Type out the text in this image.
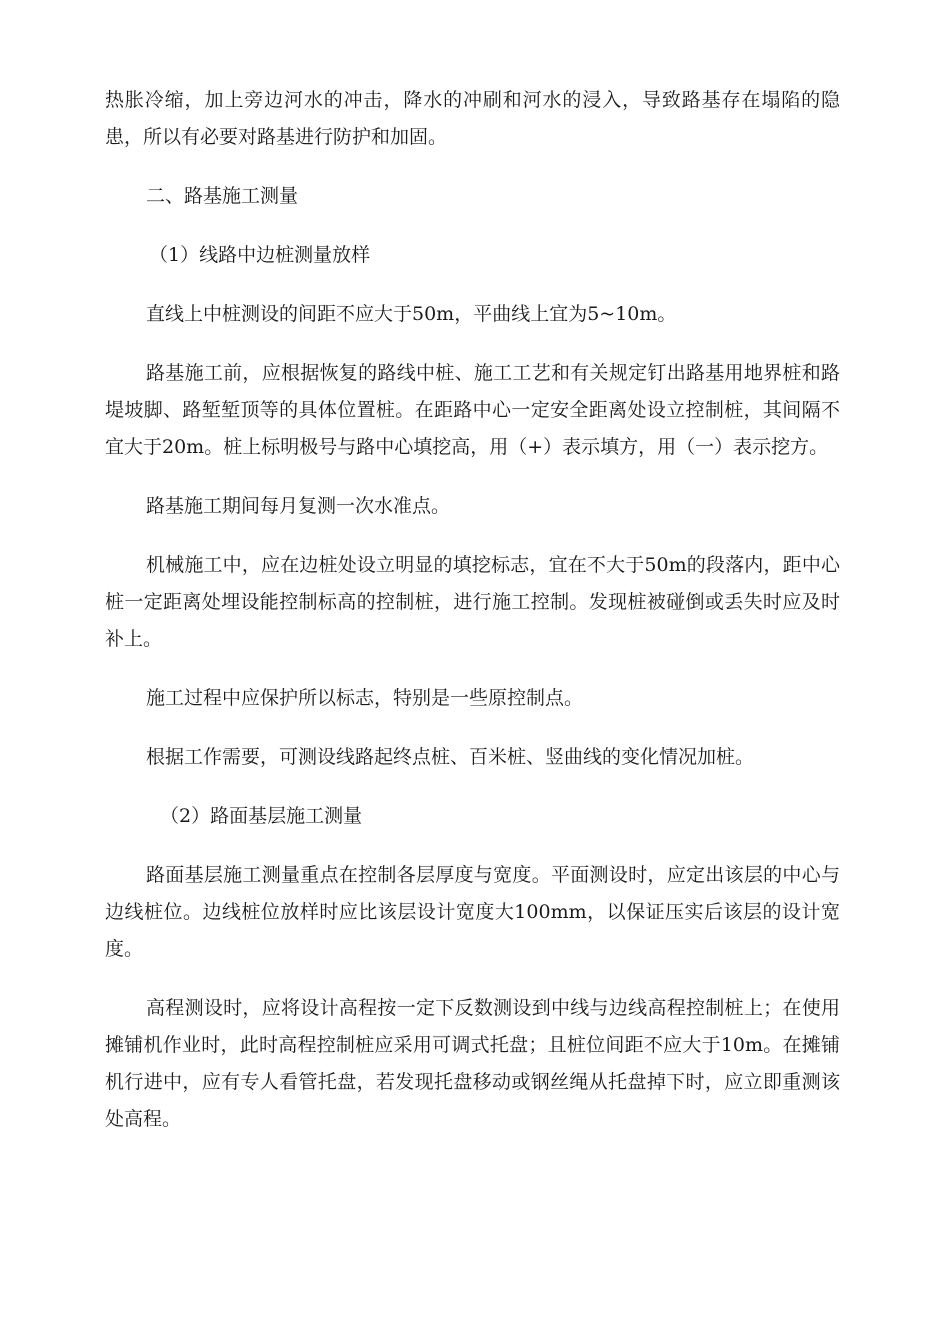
热胀冷缩，加上旁边河水的冲击，降水的冲刷和河水的浸入，导致路基存在塌陷的隐患，所以有必要对路基进行防护和加固。

二、路基施工测量

（1）线路中边桩测量放样

直线上中桩测设的间距不应大于50m，平曲线上宜为5~10m。

路基施工前，应根据恢复的路线中桩、施工工艺和有关规定钉出路基用地界桩和路堤坡脚、路堑堑顶等的具体位置桩。在距路中心一定安全距离处设立控制桩，其间隔不宜大于20m。桩上标明极号与路中心填挖高，用（+）表示填方，用（一）表示挖方。

路基施工期间每月复测一次水准点。

机械施工中，应在边桩处设立明显的填挖标志，宜在不大于50m的段落内，距中心桩一定距离处埋设能控制标高的控制桩，进行施工控制。发现桩被碰倒或丢失时应及时补上。

施工过程中应保护所以标志，特别是一些原控制点。

根据工作需要，可测设线路起终点桩、百米桩、竖曲线的变化情况加桩。

（2）路面基层施工测量

路面基层施工测量重点在控制各层厚度与宽度。平面测设时，应定出该层的中心与边线桩位。边线桩位放样时应比该层设计宽度大100mm，以保证压实后该层的设计宽度。

高程测设时，应将设计高程按一定下反数测设到中线与边线高程控制桩上；在使用摊铺机作业时，此时高程控制桩应采用可调式托盘；且桩位间距不应大于10m。在摊铺机行进中，应有专人看管托盘，若发现托盘移动或钢丝绳从托盘掉下时，应立即重测该处高程。
